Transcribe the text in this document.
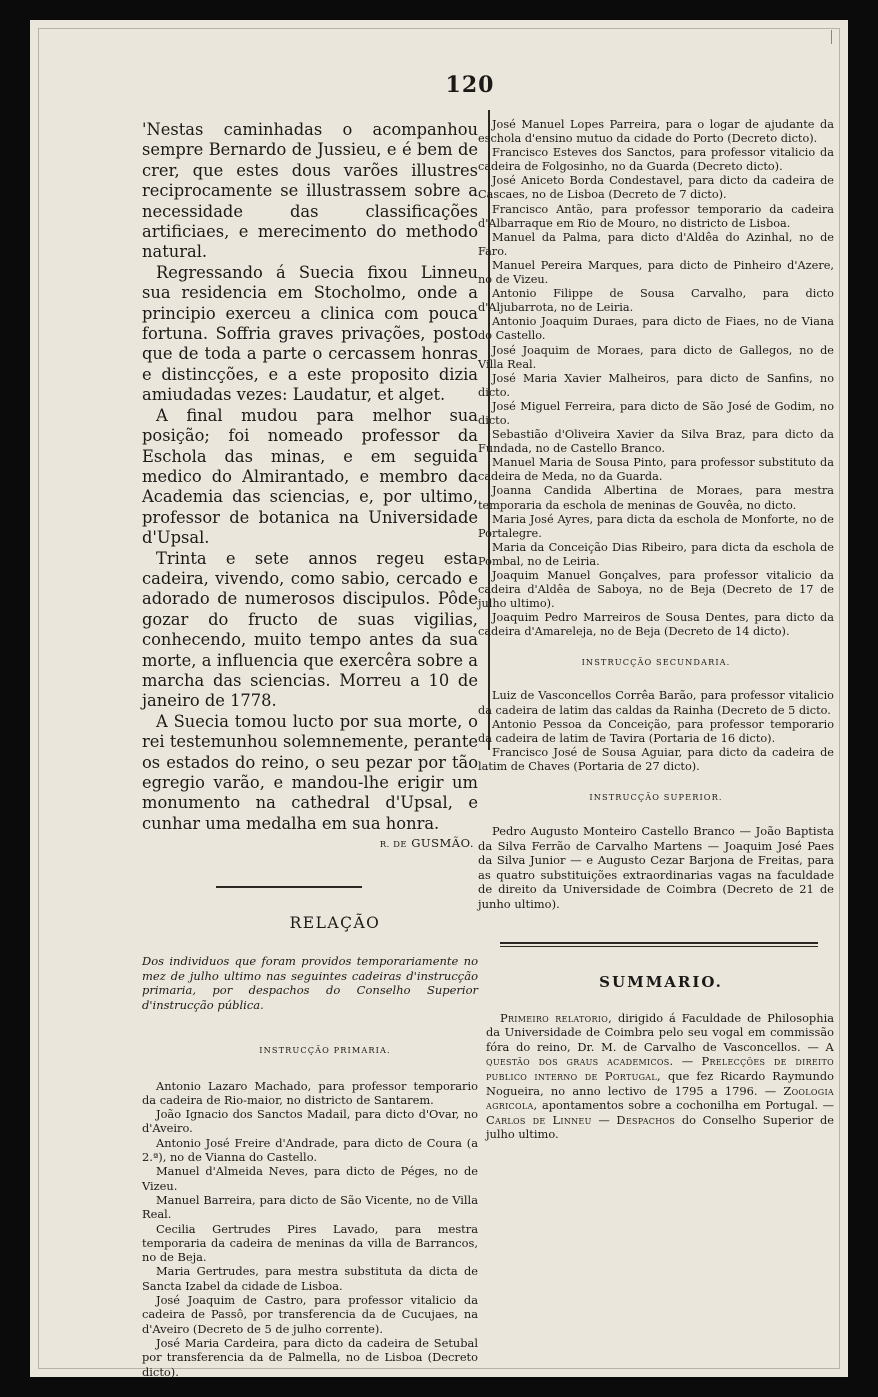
120

'Nestas caminhadas o acompanhou sempre Bernardo de Jussieu, e é bem de crer, que estes dous varões illustres reciprocamente se illustrassem sobre a necessidade das classificações artificiaes, e merecimento do methodo natural.

Regressando á Suecia fixou Linneu sua residencia em Stocholmo, onde a principio exerceu a clinica com pouca fortuna. Soffria graves privações, posto que de toda a parte o cercassem honras e distincções, e a este proposito dizia amiudadas vezes: Laudatur, et alget.

A final mudou para melhor sua posição; foi nomeado professor da Eschola das minas, e em seguida medico do Almirantado, e membro da Academia das sciencias, e, por ultimo, professor de botanica na Universidade d'Upsal.

Trinta e sete annos regeu esta cadeira, vivendo, como sabio, cercado e adorado de numerosos discipulos. Pôde gozar do fructo de suas vigilias, conhecendo, muito tempo antes da sua morte, a influencia que exercêra sobre a marcha das sciencias. Morreu a 10 de janeiro de 1778.

A Suecia tomou lucto por sua morte, o rei testemunhou solemnemente, perante os estados do reino, o seu pezar por tão egregio varão, e mandou-lhe erigir um monumento na cathedral d'Upsal, e cunhar uma medalha em sua honra.

R. DE GUSMÃO.
RELAÇÃO
Dos individuos que foram providos temporariamente no mez de julho ultimo nas seguintes cadeiras d'instrucção primaria, por despachos do Conselho Superior d'instrucção pública.
INSTRUCÇÃO PRIMARIA.

Antonio Lazaro Machado, para professor temporario da cadeira de Rio-maior, no districto de Santarem.

João Ignacio dos Sanctos Madail, para dicto d'Ovar, no d'Aveiro.

Antonio José Freire d'Andrade, para dicto de Coura (a 2.ª), no de Vianna do Castello.

Manuel d'Almeida Neves, para dicto de Péges, no de Vizeu.

Manuel Barreira, para dicto de São Vicente, no de Villa Real.

Cecilia Gertrudes Pires Lavado, para mestra temporaria da cadeira de meninas da villa de Barrancos, no de Beja.

Maria Gertrudes, para mestra substituta da dicta de Sancta Izabel da cidade de Lisboa.

José Joaquim de Castro, para professor vitalicio da cadeira de Passô, por transferencia da de Cucujaes, na d'Aveiro (Decreto de 5 de julho corrente).

José Maria Cardeira, para dicto da cadeira de Setubal por transferencia da de Palmella, no de Lisboa (Decreto dicto).

José Manuel Lopes Parreira, para o logar de ajudante da eschola d'ensino mutuo da cidade do Porto (Decreto dicto).

Francisco Esteves dos Sanctos, para professor vitalicio da cadeira de Folgosinho, no da Guarda (Decreto dicto).

José Aniceto Borda Condestavel, para dicto da cadeira de Cascaes, no de Lisboa (Decreto de 7 dicto).

Francisco Antão, para professor temporario da cadeira d'Albarraque em Rio de Mouro, no districto de Lisboa.

Manuel da Palma, para dicto d'Aldêa do Azinhal, no de Faro.

Manuel Pereira Marques, para dicto de Pinheiro d'Azere, no de Vizeu.

Antonio Filippe de Sousa Carvalho, para dicto d'Aljubarrota, no de Leiria.

Antonio Joaquim Duraes, para dicto de Fiaes, no de Viana do Castello.

José Joaquim de Moraes, para dicto de Gallegos, no de Villa Real.

José Maria Xavier Malheiros, para dicto de Sanfins, no dicto.

José Miguel Ferreira, para dicto de São José de Godim, no dicto.

Sebastião d'Oliveira Xavier da Silva Braz, para dicto da Fundada, no de Castello Branco.

Manuel Maria de Sousa Pinto, para professor substituto da cadeira de Meda, no da Guarda.

Joanna Candida Albertina de Moraes, para mestra temporaria da eschola de meninas de Gouvêa, no dicto.

Maria José Ayres, para dicta da eschola de Monforte, no de Portalegre.

Maria da Conceição Dias Ribeiro, para dicta da eschola de Pombal, no de Leiria.

Joaquim Manuel Gonçalves, para professor vitalicio da cadeira d'Aldêa de Saboya, no de Beja (Decreto de 17 de julho ultimo).

Joaquim Pedro Marreiros de Sousa Dentes, para dicto da cadeira d'Amareleja, no de Beja (Decreto de 14 dicto).

INSTRUCÇÃO SECUNDARIA.

Luiz de Vasconcellos Corrêa Barão, para professor vitalicio da cadeira de latim das caldas da Rainha (Decreto de 5 dicto.

Antonio Pessoa da Conceição, para professor temporario da cadeira de latim de Tavira (Portaria de 16 dicto).

Francisco José de Sousa Aguiar, para dicto da cadeira de latim de Chaves (Portaria de 27 dicto).

INSTRUCÇÃO SUPERIOR.

Pedro Augusto Monteiro Castello Branco — João Baptista da Silva Ferrão de Carvalho Martens — Joaquim José Paes da Silva Junior — e Augusto Cezar Barjona de Freitas, para as quatro substituições extraordinarias vagas na faculdade de direito da Universidade de Coimbra (Decreto de 21 de junho ultimo).

SUMMARIO.
Primeiro relatorio, dirigido á Faculdade de Philosophia da Universidade de Coimbra pelo seu vogal em commissão fóra do reino, Dr. M. de Carvalho de Vasconcellos. — A questão dos graus academicos. — Prelecções de direito publico interno de Portugal, que fez Ricardo Raymundo Nogueira, no anno lectivo de 1795 a 1796. — Zoologia agricola, apontamentos sobre a cochonilha em Portugal. — Carlos de Linneu — Despachos do Conselho Superior de julho ultimo.
